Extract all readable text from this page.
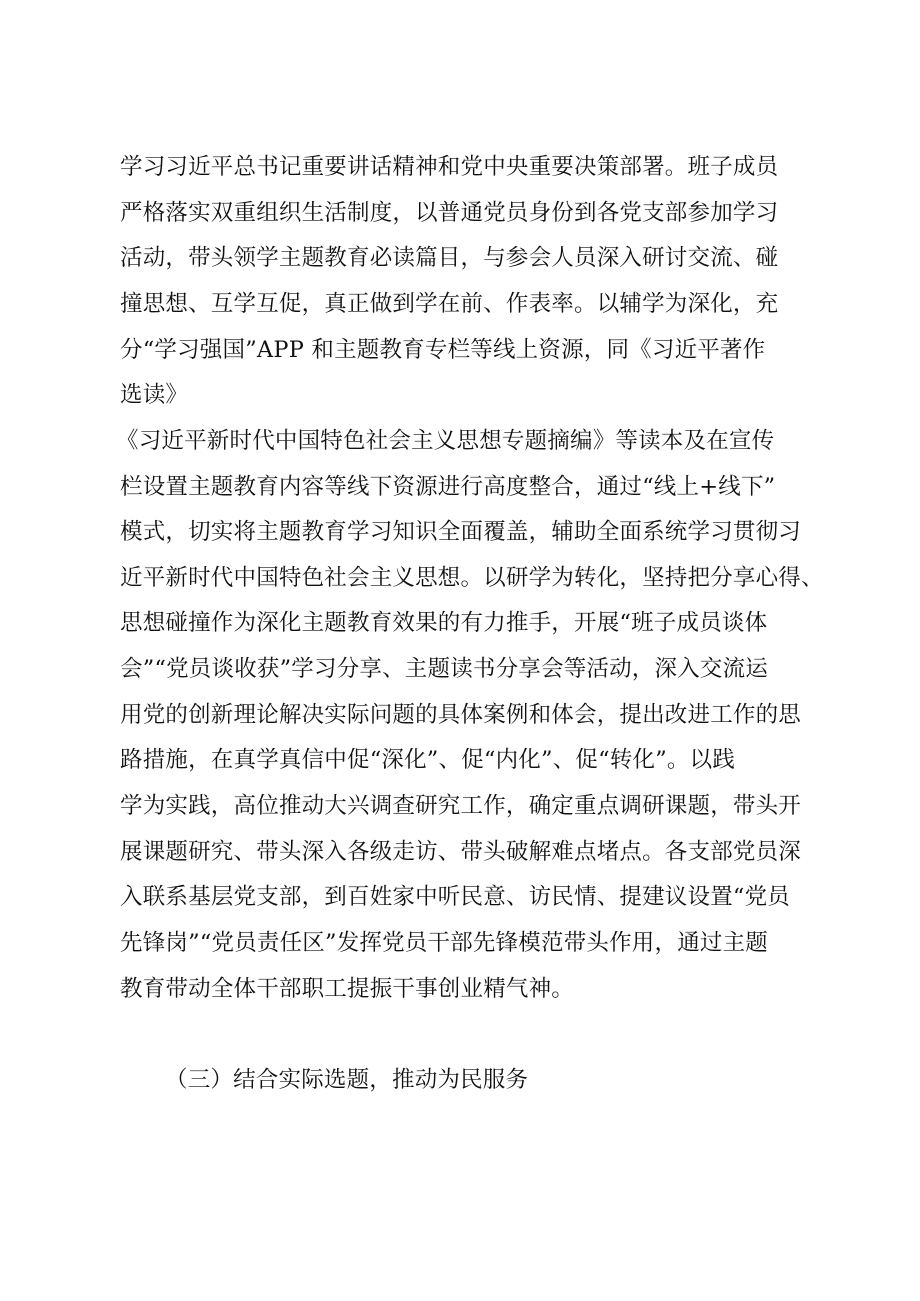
学习习近平总书记重要讲话精神和党中央重要决策部署。班子成员
严格落实双重组织生活制度，以普通党员身份到各党支部参加学习
活动，带头领学主题教育必读篇目，与参会人员深入研讨交流、碰
撞思想、互学互促，真正做到学在前、作表率。以辅学为深化，充
分“学习强国”APP 和主题教育专栏等线上资源，同《习近平著作
选读》
《习近平新时代中国特色社会主义思想专题摘编》等读本及在宣传
栏设置主题教育内容等线下资源进行高度整合，通过“线上+线下”
模式，切实将主题教育学习知识全面覆盖，辅助全面系统学习贯彻习
近平新时代中国特色社会主义思想。以研学为转化，坚持把分享心得、
思想碰撞作为深化主题教育效果的有力推手，开展“班子成员谈体
会”“党员谈收获”学习分享、主题读书分享会等活动，深入交流运
用党的创新理论解决实际问题的具体案例和体会，提出改进工作的思
路措施，在真学真信中促“深化”、促“内化”、促“转化”。以践
学为实践，高位推动大兴调查研究工作，确定重点调研课题，带头开
展课题研究、带头深入各级走访、带头破解难点堵点。各支部党员深
入联系基层党支部，到百姓家中听民意、访民情、提建议设置“党员
先锋岗”“党员责任区”发挥党员干部先锋模范带头作用，通过主题
教育带动全体干部职工提振干事创业精气神。
（三）结合实际选题，推动为民服务
